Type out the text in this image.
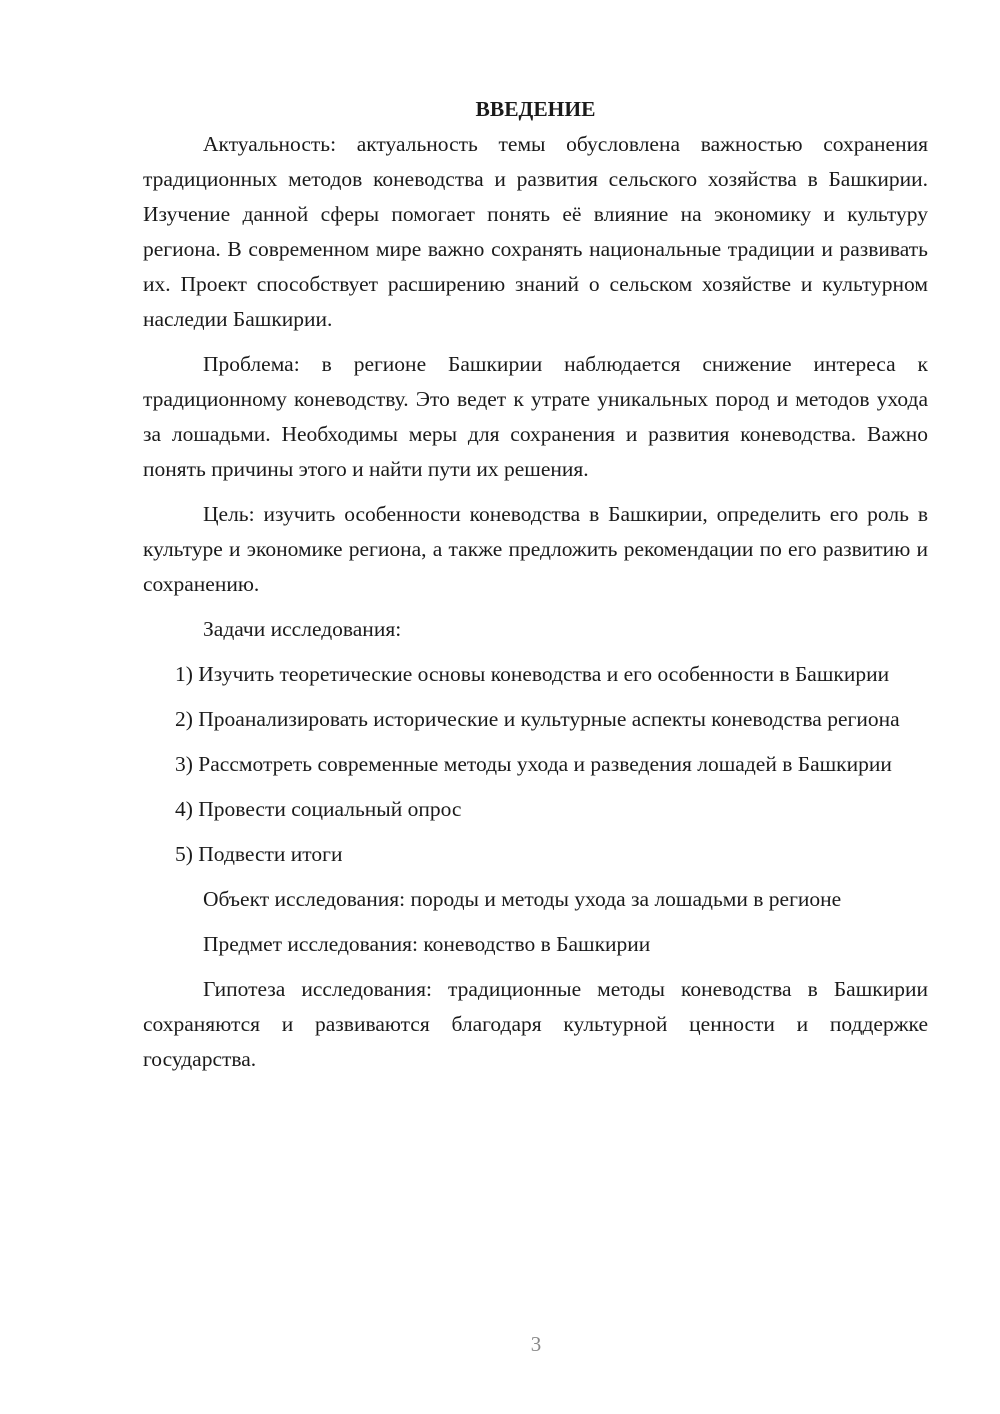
ВВЕДЕНИЕ

Актуальность: актуальность темы обусловлена важностью сохранения традиционных методов коневодства и развития сельского хозяйства в Башкирии. Изучение данной сферы помогает понять её влияние на экономику и культуру региона. В современном мире важно сохранять национальные традиции и развивать их. Проект способствует расширению знаний о сельском хозяйстве и культурном наследии Башкирии.

Проблема: в регионе Башкирии наблюдается снижение интереса к традиционному коневодству. Это ведет к утрате уникальных пород и методов ухода за лошадьми. Необходимы меры для сохранения и развития коневодства. Важно понять причины этого и найти пути их решения.

Цель: изучить особенности коневодства в Башкирии, определить его роль в культуре и экономике региона, а также предложить рекомендации по его развитию и сохранению.

Задачи исследования:

1) Изучить теоретические основы коневодства и его особенности в Башкирии

2) Проанализировать исторические и культурные аспекты коневодства региона

3) Рассмотреть современные методы ухода и разведения лошадей в Башкирии

4) Провести социальный опрос

5) Подвести итоги

Объект исследования: породы и методы ухода за лошадьми в регионе

Предмет исследования: коневодство в Башкирии

Гипотеза исследования: традиционные методы коневодства в Башкирии сохраняются и развиваются благодаря культурной ценности и поддержке государства.

3
